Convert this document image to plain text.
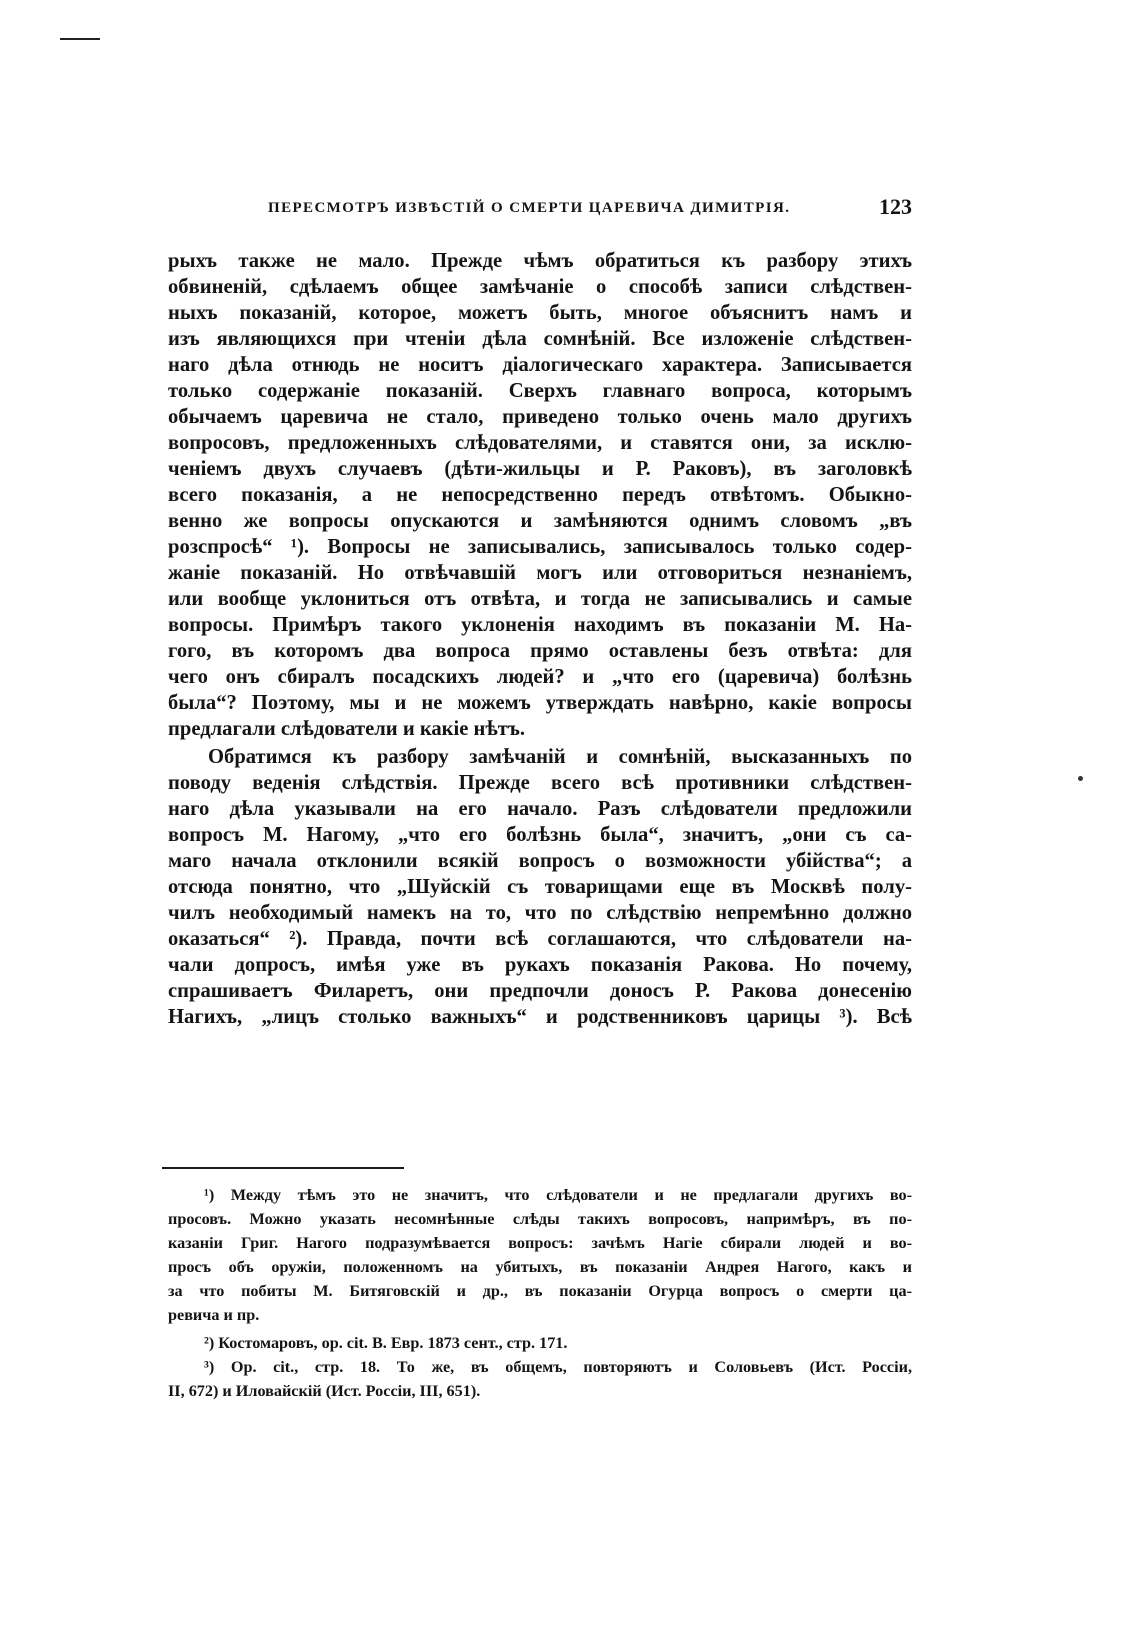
ПЕРЕСМОТРЪ ИЗВѢСТІЙ О СМЕРТИ ЦАРЕВИЧА ДИМИТРІЯ.	123
рыхъ также не мало. Прежде чѣмъ обратиться къ разбору этихъ
обвиненій, сдѣлаемъ общее замѣчаніе о способѣ записи слѣдствен-
ныхъ показаній, которое, можетъ быть, многое объяснитъ намъ и
изъ являющихся при чтеніи дѣла сомнѣній. Все изложеніе слѣдствен-
наго дѣла отнюдь не носитъ діалогическаго характера. Записывается
только содержаніе показаній. Сверхъ главнаго вопроса, которымъ
обычаемъ царевича не стало, приведено только очень мало другихъ
вопросовъ, предложенныхъ слѣдователями, и ставятся они, за исклю-
ченіемъ двухъ случаевъ (дѣти-жильцы и Р. Раковъ), въ заголовкѣ
всего показанія, а не непосредственно передъ отвѣтомъ. Обыкно-
венно же вопросы опускаются и замѣняются однимъ словомъ „въ
розспросѣ“ ¹). Вопросы не записывались, записывалось только содер-
жаніе показаній. Но отвѣчавшій могъ или отговориться незнаніемъ,
или вообще уклониться отъ отвѣта, и тогда не записывались и самые
вопросы. Примѣръ такого уклоненія находимъ въ показаніи М. На-
гого, въ которомъ два вопроса прямо оставлены безъ отвѣта: для
чего онъ сбиралъ посадскихъ людей? и „что его (царевича) болѣзнь
была“? Поэтому, мы и не можемъ утверждать навѣрно, какіе вопросы
предлагали слѣдователи и какіе нѣтъ.
Обратимся къ разбору замѣчаній и сомнѣній, высказанныхъ по
поводу веденія слѣдствія. Прежде всего всѣ противники слѣдствен-
наго дѣла указывали на его начало. Разъ слѣдователи предложили
вопросъ М. Нагому, „что его болѣзнь была“, значитъ, „они съ са-
маго начала отклонили всякій вопросъ о возможности убійства“; а
отсюда понятно, что „Шуйскій съ товарищами еще въ Москвѣ полу-
чилъ необходимый намекъ на то, что по слѣдствію непремѣнно должно
оказаться“ ²). Правда, почти всѣ соглашаются, что слѣдователи на-
чали допросъ, имѣя уже въ рукахъ показанія Ракова. Но почему,
спрашиваетъ Филаретъ, они предпочли доносъ Р. Ракова донесенію
Нагихъ, „лицъ столько важныхъ“ и родственниковъ царицы ³). Всѣ
¹) Между тѣмъ это не значитъ, что слѣдователи и не предлагали другихъ во-
просовъ. Можно указать несомнѣнные слѣды такихъ вопросовъ, напримѣръ, въ по-
казаніи Григ. Нагого подразумѣвается вопросъ: зачѣмъ Нагіе сбирали людей и во-
просъ объ оружіи, положенномъ на убитыхъ, въ показаніи Андрея Нагого, какъ и
за что побиты М. Битяговскій и др., въ показаніи Огурца вопросъ о смерти ца-
ревича и пр.
²) Костомаровъ, op. cit. В. Евр. 1873 сент., стр. 171.
³) Op. cit., стр. 18. То же, въ общемъ, повторяютъ и Соловьевъ (Ист. Россіи,
II, 672) и Иловайскій (Ист. Россіи, III, 651).
